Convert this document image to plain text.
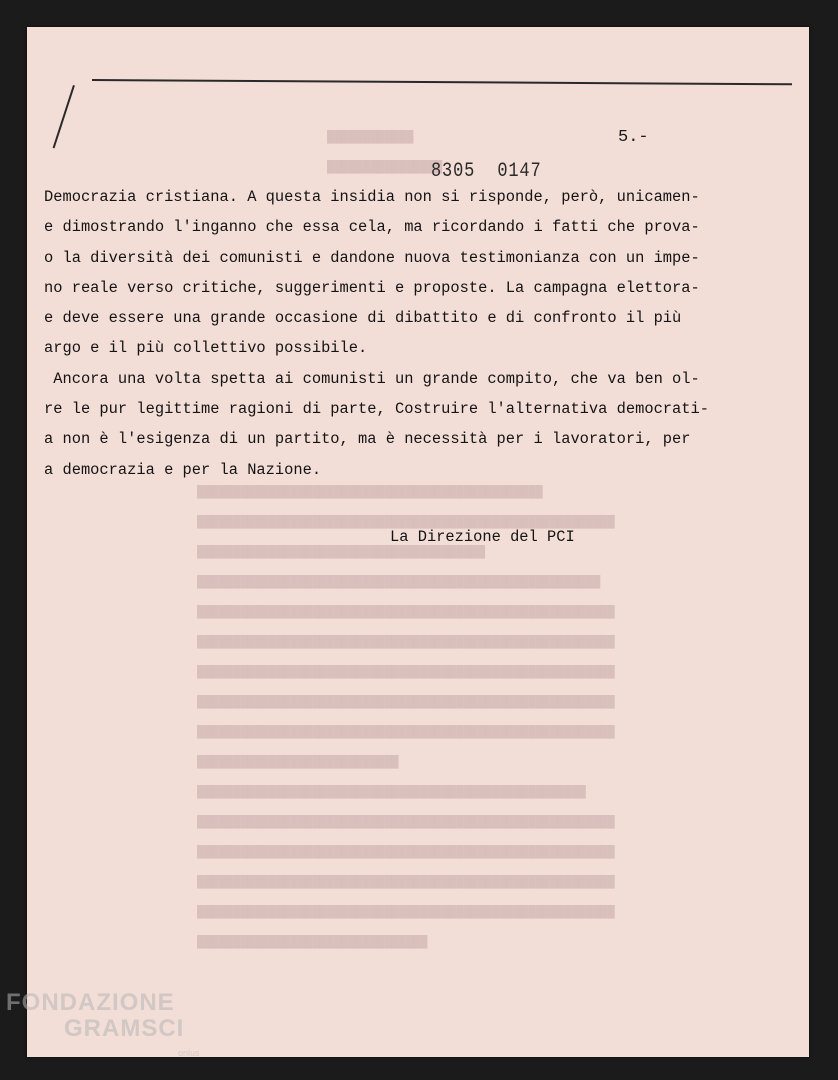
████████████
████████████████
████████████████████████████████████████████████
██████████████████████████████████████████████████████████
████████████████████████████████████████
████████████████████████████████████████████████████████
██████████████████████████████████████████████████████████
██████████████████████████████████████████████████████████
██████████████████████████████████████████████████████████
██████████████████████████████████████████████████████████
██████████████████████████████████████████████████████████
████████████████████████████
██████████████████████████████████████████████████████
██████████████████████████████████████████████████████████
██████████████████████████████████████████████████████████
██████████████████████████████████████████████████████████
██████████████████████████████████████████████████████████
████████████████████████████████
5.-
8305 0147
Democrazia cristiana. A questa insidia non si risponde, però, unicamen-
e dimostrando l'inganno che essa cela, ma ricordando i fatti che prova-
o la diversità dei comunisti e dandone nuova testimonianza con un impe-
no reale verso critiche, suggerimenti e proposte. La campagna elettora-
e deve essere una grande occasione di dibattito e di confronto il più
argo e il più collettivo possibile.
Ancora una volta spetta ai comunisti un grande compito, che va ben ol-
re le pur legittime ragioni di parte, Costruire l'alternativa democrati-
a non è l'esigenza di un partito, ma è necessità per i lavoratori, per
a democrazia e per la Nazione.
La Direzione del PCI
FONDAZIONE
GRAMSCI
onlus
